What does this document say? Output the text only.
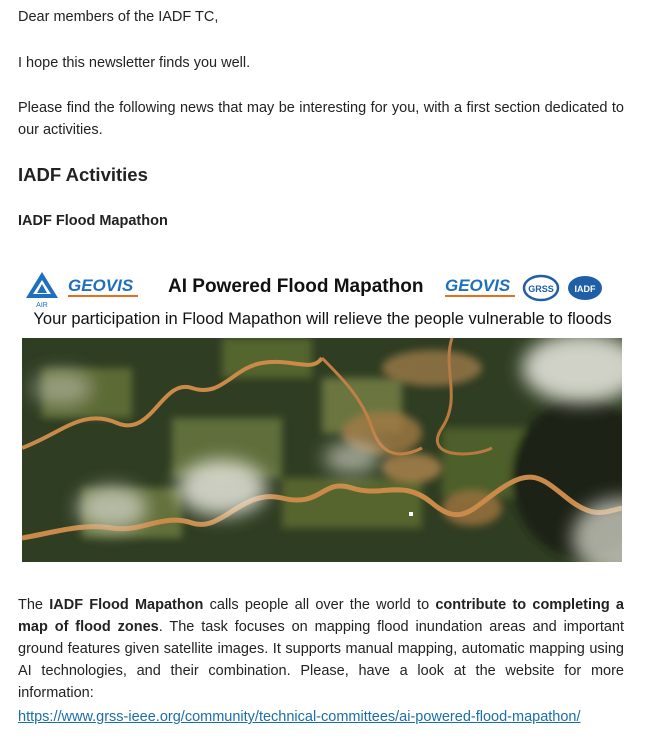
Dear members of the IADF TC,

I hope this newsletter finds you well.

Please find the following news that may be interesting for you, with a first section dedicated to our activities.

IADF Activities
IADF Flood Mapathon
AIR
GEOVIS AI Powered Flood Mapathon GEOVIS GRSS IADF
Your participation in Flood Mapathon will relieve the people vulnerable to floods

The IADF Flood Mapathon calls people all over the world to contribute to completing a map of flood zones. The task focuses on mapping flood inundation areas and important ground features given satellite images. It supports manual mapping, automatic mapping using AI technologies, and their combination. Please, have a look at the website for more information:

https://www.grss-ieee.org/community/technical-committees/ai-powered-flood-mapathon/
